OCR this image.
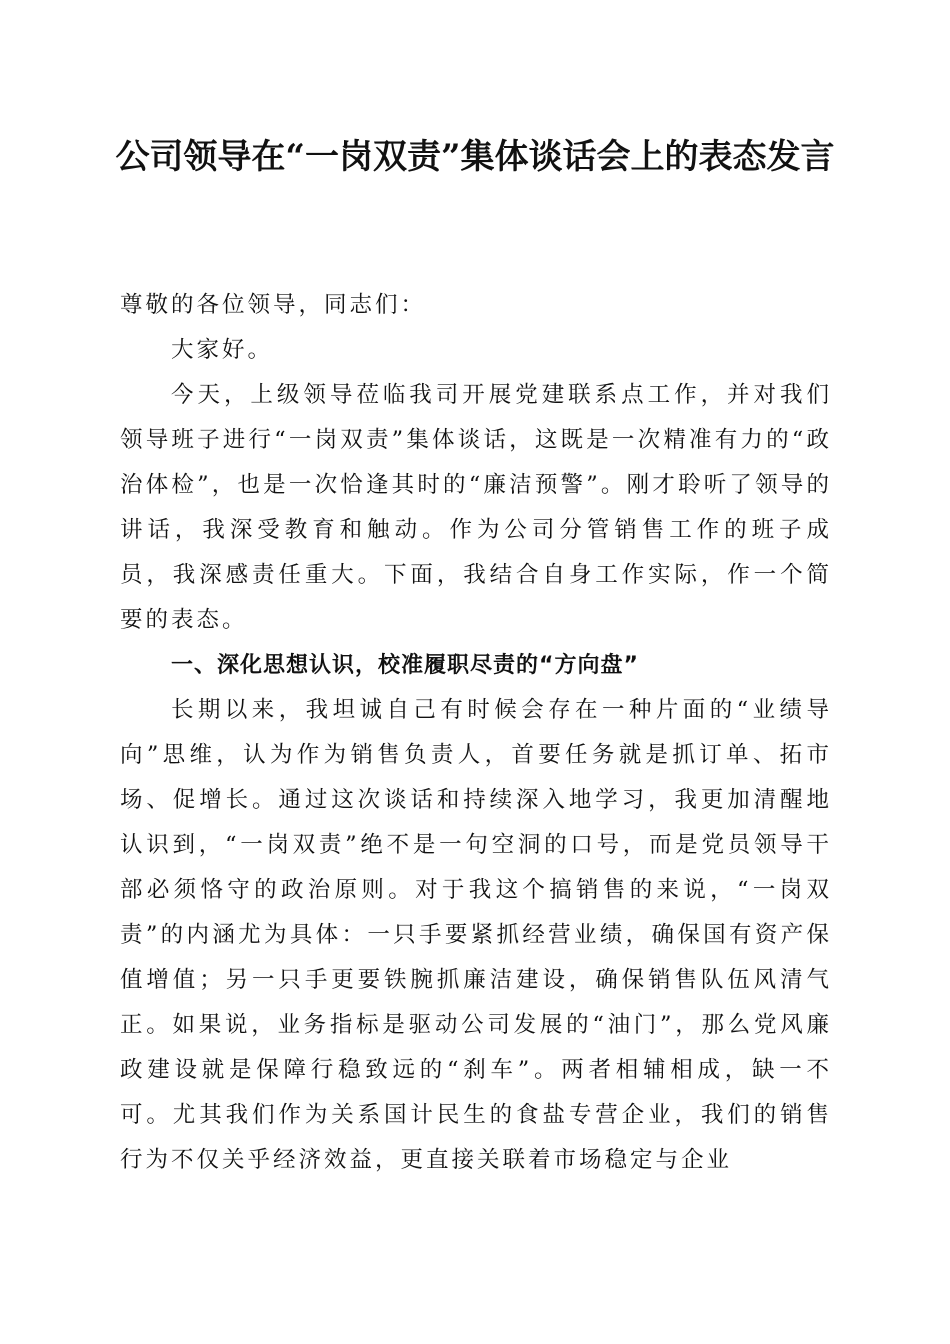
公司领导在“一岗双责”集体谈话会上的表态发言

尊敬的各位领导，同志们：

大家好。

今天，上级领导莅临我司开展党建联系点工作，并对我们领导班子进行“一岗双责”集体谈话，这既是一次精准有力的“政治体检”，也是一次恰逢其时的“廉洁预警”。刚才聆听了领导的讲话，我深受教育和触动。作为公司分管销售工作的班子成员，我深感责任重大。下面，我结合自身工作实际，作一个简要的表态。

一、深化思想认识，校准履职尽责的“方向盘”

长期以来，我坦诚自己有时候会存在一种片面的“业绩导向”思维，认为作为销售负责人，首要任务就是抓订单、拓市场、促增长。通过这次谈话和持续深入地学习，我更加清醒地认识到，“一岗双责”绝不是一句空洞的口号，而是党员领导干部必须恪守的政治原则。对于我这个搞销售的来说，“一岗双责”的内涵尤为具体：一只手要紧抓经营业绩，确保国有资产保值增值；另一只手更要铁腕抓廉洁建设，确保销售队伍风清气正。如果说，业务指标是驱动公司发展的“油门”，那么党风廉政建设就是保障行稳致远的“刹车”。两者相辅相成，缺一不可。尤其我们作为关系国计民生的食盐专营企业，我们的销售行为不仅关乎经济效益，更直接关联着市场稳定与企业
